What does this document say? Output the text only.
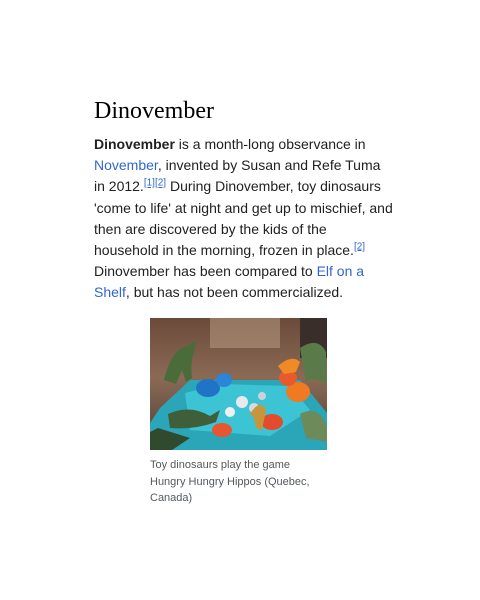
Dinovember

Dinovember is a month-long observance in November, invented by Susan and Refe Tuma in 2012.[1][2] During Dinovember, toy dinosaurs 'come to life' at night and get up to mischief, and then are discovered by the kids of the household in the morning, frozen in place.[2] Dinovember has been compared to Elf on a Shelf, but has not been commercialized.

Toy dinosaurs play the game Hungry Hungry Hippos (Quebec, Canada)
